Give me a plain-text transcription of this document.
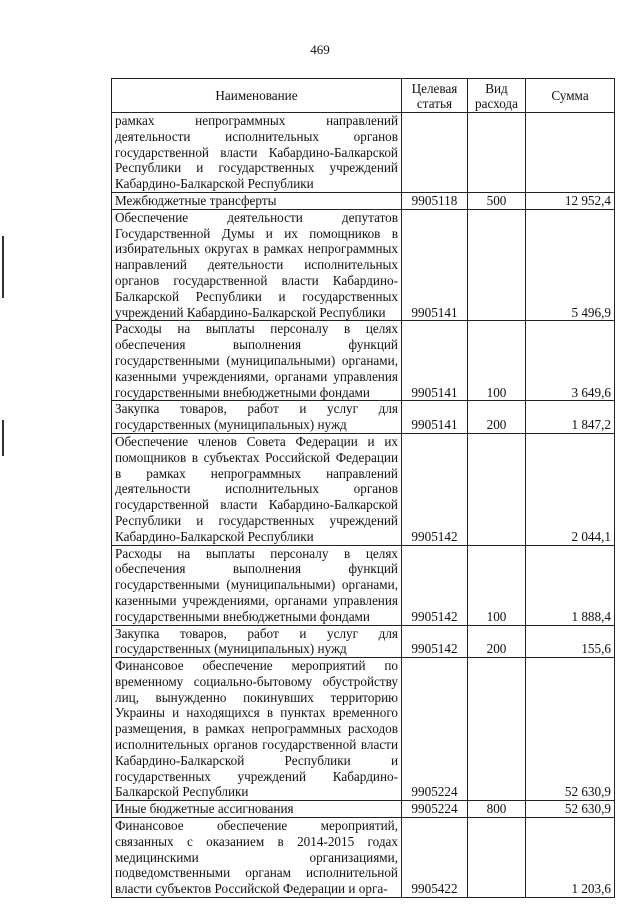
469
Наименование	Целевая статья	Вид расхода	Сумма
рамках непрограммных направлений деятельности исполнительных органов государственной власти Кабардино-Балкарской Республики и государственных учреждений Кабардино-Балкарской Республики			
Межбюджетные трансферты	9905118	500	12 952,4
Обеспечение деятельности депутатов Государственной Думы и их помощников в избирательных округах в рамках непрограммных направлений деятельности исполнительных органов государственной власти Кабардино-Балкарской Республики и государственных учреждений Кабардино-Балкарской Республики	9905141		5 496,9
Расходы на выплаты персоналу в целях обеспечения выполнения функций государственными (муниципальными) органами, казенными учреждениями, органами управления государственными внебюджетными фондами	9905141	100	3 649,6
Закупка товаров, работ и услуг для государственных (муниципальных) нужд	9905141	200	1 847,2
Обеспечение членов Совета Федерации и их помощников в субъектах Российской Федерации в рамках непрограммных направлений деятельности исполнительных органов государственной власти Кабардино-Балкарской Республики и государственных учреждений Кабардино-Балкарской Республики	9905142		2 044,1
Расходы на выплаты персоналу в целях обеспечения выполнения функций государственными (муниципальными) органами, казенными учреждениями, органами управления государственными внебюджетными фондами	9905142	100	1 888,4
Закупка товаров, работ и услуг для государственных (муниципальных) нужд	9905142	200	155,6
Финансовое обеспечение мероприятий по временному социально-бытовому обустройству лиц, вынужденно покинувших территорию Украины и находящихся в пунктах временного размещения, в рамках непрограммных расходов исполнительных органов государственной власти Кабардино-Балкарской Республики и государственных учреждений Кабардино-Балкарской Республики	9905224		52 630,9
Иные бюджетные ассигнования	9905224	800	52 630,9
Финансовое обеспечение мероприятий, связанных с оказанием в 2014-2015 годах медицинскими организациями, подведомственными органам исполнительной власти субъектов Российской Федерации и орга-	9905422		1 203,6
